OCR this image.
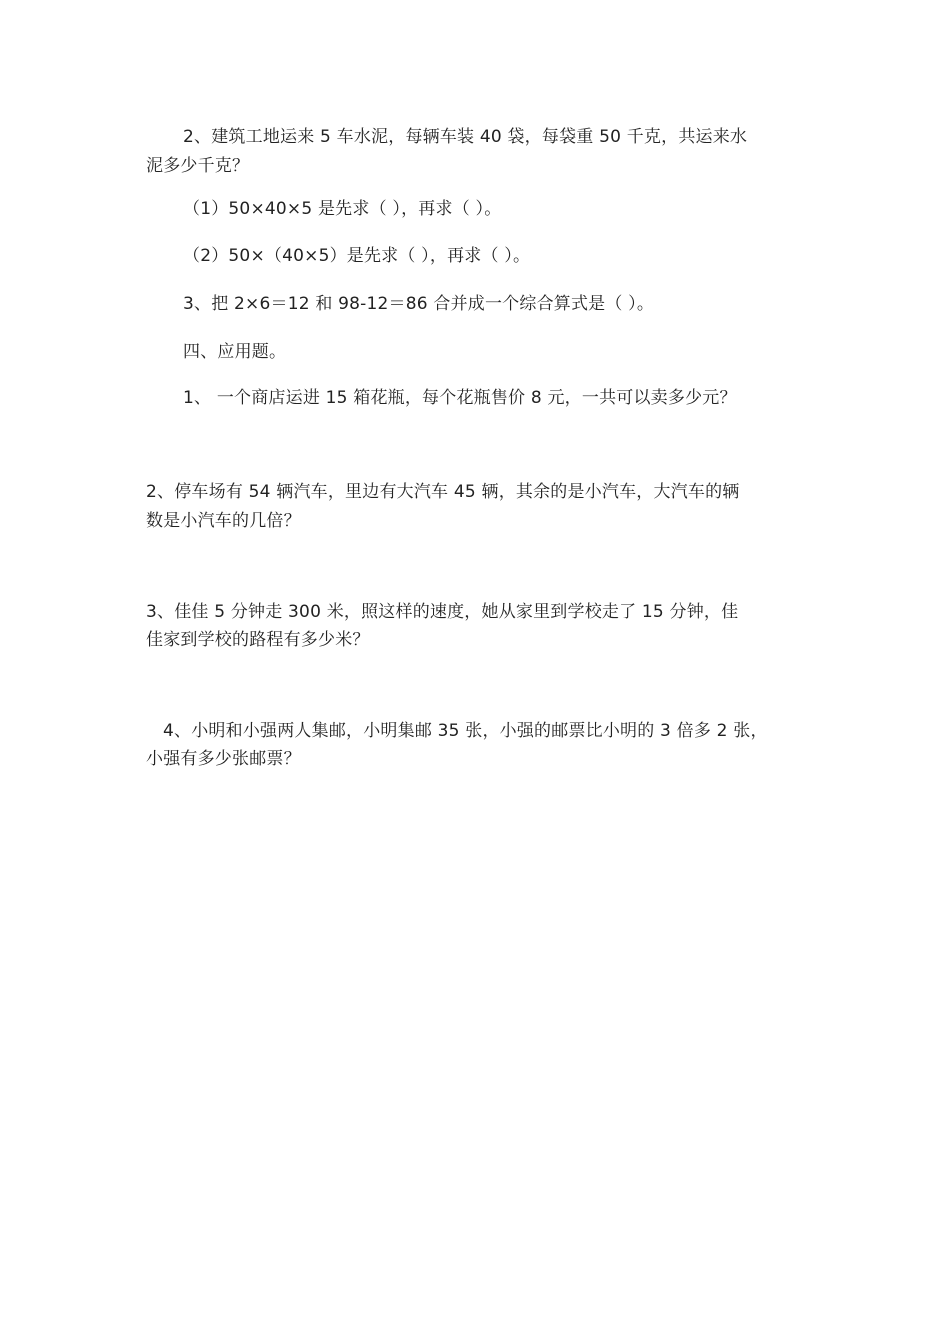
2、建筑工地运来 5 车水泥，每辆车装 40 袋，每袋重 50 千克，共运来水
泥多少千克？
（1）50×40×5 是先求（ ），再求（ ）。
（2）50×（40×5）是先求（ ），再求（ ）。
3、把 2×6＝12 和 98-12＝86 合并成一个综合算式是（ ）。
四、应用题。
1、 一个商店运进 15 箱花瓶，每个花瓶售价 8 元，一共可以卖多少元？
2、停车场有 54 辆汽车，里边有大汽车 45 辆，其余的是小汽车，大汽车的辆
数是小汽车的几倍？
3、佳佳 5 分钟走 300 米，照这样的速度，她从家里到学校走了 15 分钟，佳
佳家到学校的路程有多少米？
4、小明和小强两人集邮，小明集邮 35 张，小强的邮票比小明的 3 倍多 2 张，
小强有多少张邮票？
